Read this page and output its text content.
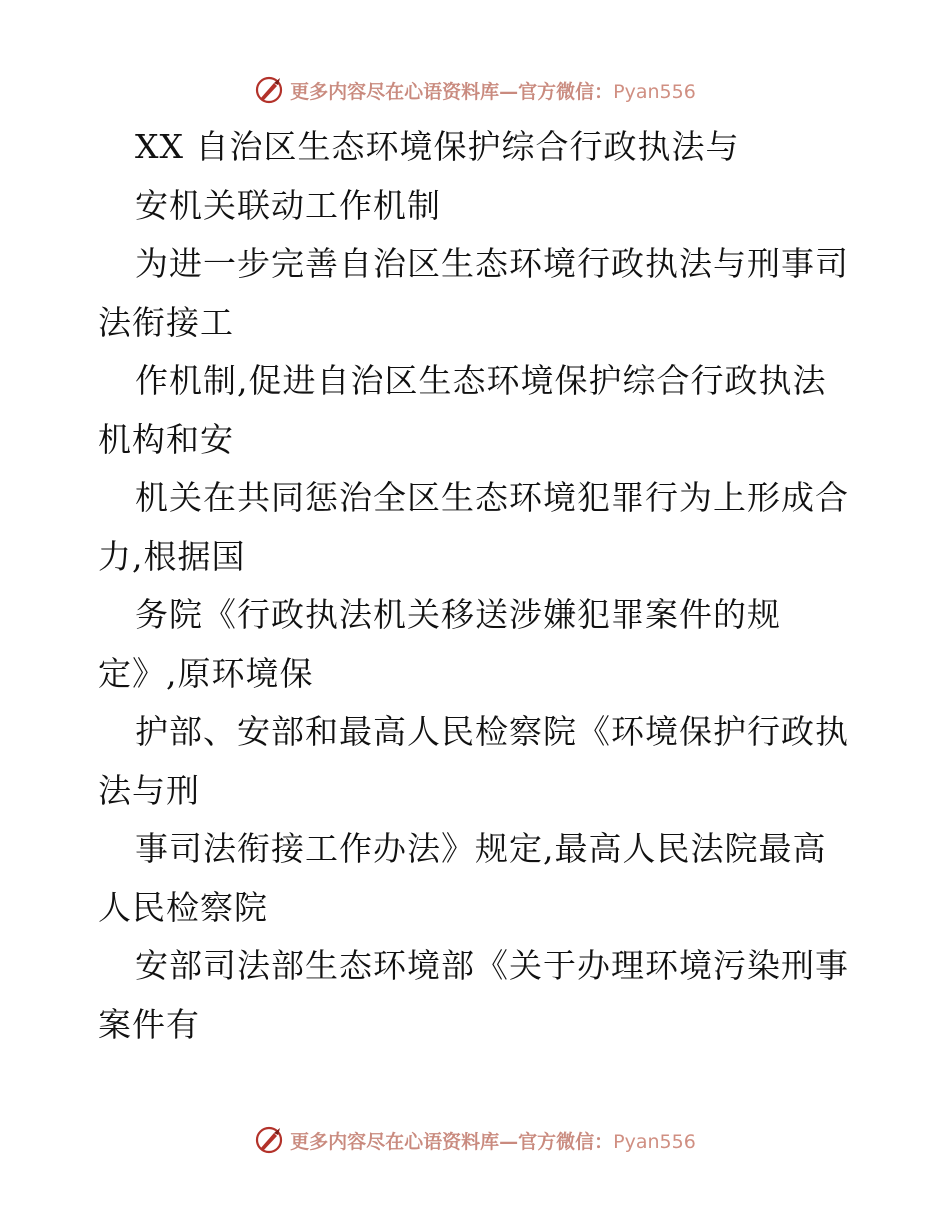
更多内容尽在心语资料库—官方微信：Pyan556
XX 自治区生态环境保护综合行政执法与
安机关联动工作机制
为进一步完善自治区生态环境行政执法与刑事司
法衔接工
作机制,促进自治区生态环境保护综合行政执法
机构和安
机关在共同惩治全区生态环境犯罪行为上形成合
力,根据国
务院《行政执法机关移送涉嫌犯罪案件的规
定》,原环境保
护部、安部和最高人民检察院《环境保护行政执
法与刑
事司法衔接工作办法》规定,最高人民法院最高
人民检察院
安部司法部生态环境部《关于办理环境污染刑事
案件有
更多内容尽在心语资料库—官方微信：Pyan556
